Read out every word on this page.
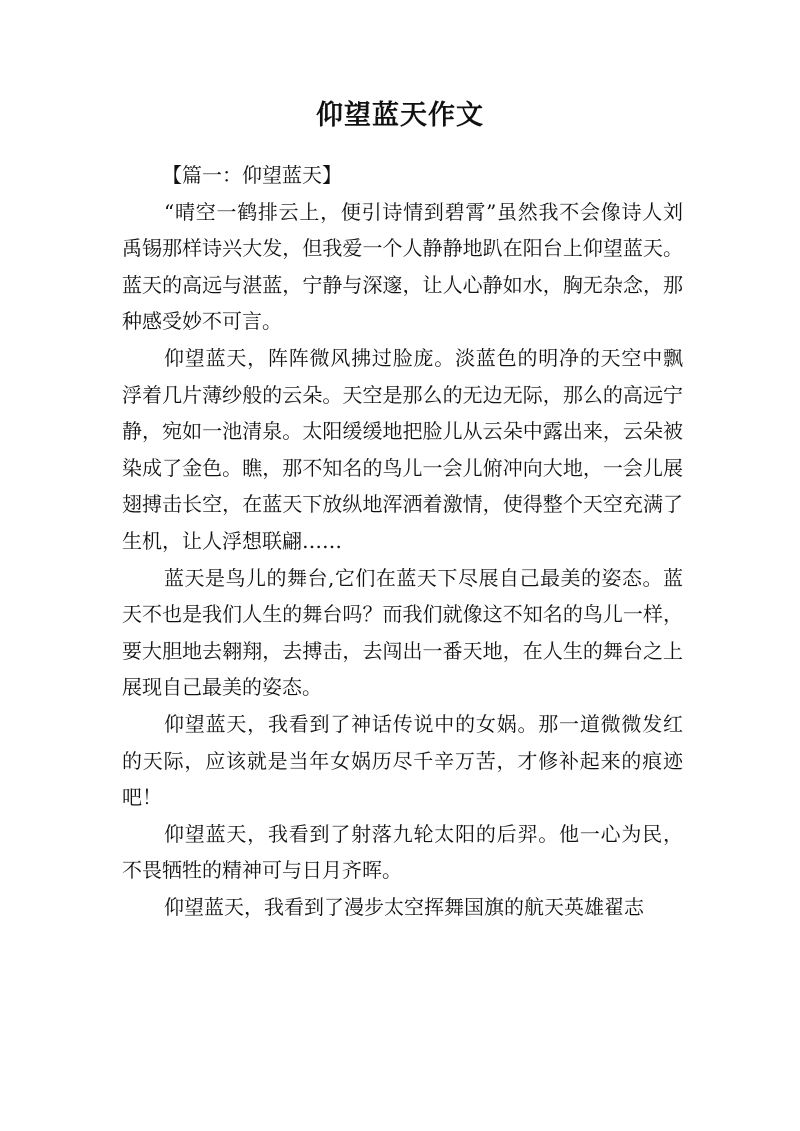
仰望蓝天作文

【篇一：仰望蓝天】

“晴空一鹤排云上，便引诗情到碧霄”虽然我不会像诗人刘禹锡那样诗兴大发，但我爱一个人静静地趴在阳台上仰望蓝天。蓝天的高远与湛蓝，宁静与深邃，让人心静如水，胸无杂念，那种感受妙不可言。

仰望蓝天，阵阵微风拂过脸庞。淡蓝色的明净的天空中飘浮着几片薄纱般的云朵。天空是那么的无边无际，那么的高远宁静，宛如一池清泉。太阳缓缓地把脸儿从云朵中露出来，云朵被染成了金色。瞧，那不知名的鸟儿一会儿俯冲向大地，一会儿展翅搏击长空，在蓝天下放纵地浑洒着激情，使得整个天空充满了生机，让人浮想联翩……

蓝天是鸟儿的舞台,它们在蓝天下尽展自己最美的姿态。蓝天不也是我们人生的舞台吗？而我们就像这不知名的鸟儿一样，要大胆地去翱翔，去搏击，去闯出一番天地，在人生的舞台之上展现自己最美的姿态。

仰望蓝天，我看到了神话传说中的女娲。那一道微微发红的天际，应该就是当年女娲历尽千辛万苦，才修补起来的痕迹吧！

仰望蓝天，我看到了射落九轮太阳的后羿。他一心为民，不畏牺牲的精神可与日月齐晖。

仰望蓝天，我看到了漫步太空挥舞国旗的航天英雄翟志
